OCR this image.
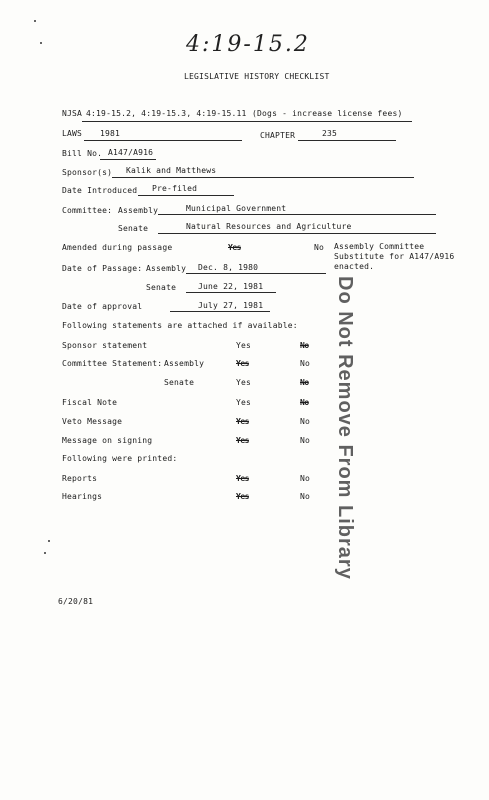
4:19-15.2
LEGISLATIVE HISTORY CHECKLIST
NJSA 4:19-15.2, 4:19-15.3, 4:19-15.11 (Dogs - increase license fees)
LAWS 1981	CHAPTER	235
Bill No. A147/A916
Sponsor(s) Kalik and Matthews
Date Introduced Pre-filed
Committee: Assembly	Municipal Government
Senate	Natural Resources and Agriculture
Amended during passage	Yes	No Assembly Committee
Substitute for A147/A916
enacted.
Date of Passage: Assembly Dec. 8, 1980
Senate	June 22, 1981
Date of approval	July 27, 1981
Following statements are attached if available:
Sponsor statement	Yes	No
Committee Statement: Assembly	Yes	No
Senate	Yes	No
Fiscal Note	Yes	No
Veto Message	Yes	No
Message on signing	Yes	No
Following were printed:
Reports	Yes	No
Hearings	Yes	No Do Not Remove From Library
6/20/81
